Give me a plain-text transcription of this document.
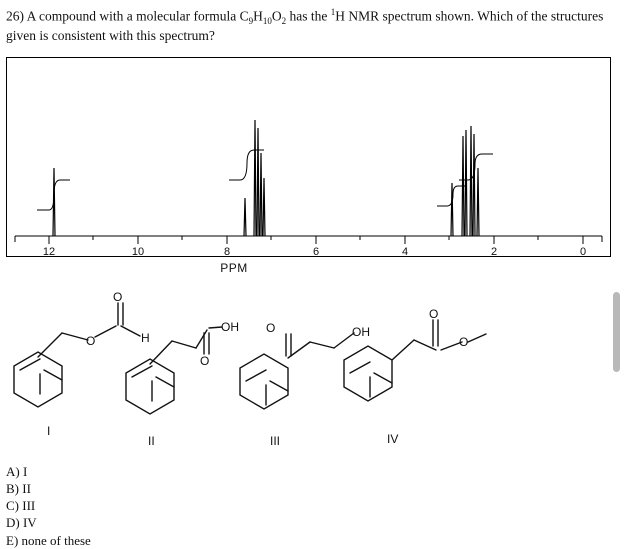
26) A compound with a molecular formula $C_9H_{10}O_2$ has the $^1$H NMR spectrum shown. Which of the structures given is consistent with this spectrum?
12	10	8	6	4	2	0
PPM
O
O
H
OH
O
O	OH
O
O
I
II	III	IV
A) I
B) II
C) III
D) IV
E) none of these
